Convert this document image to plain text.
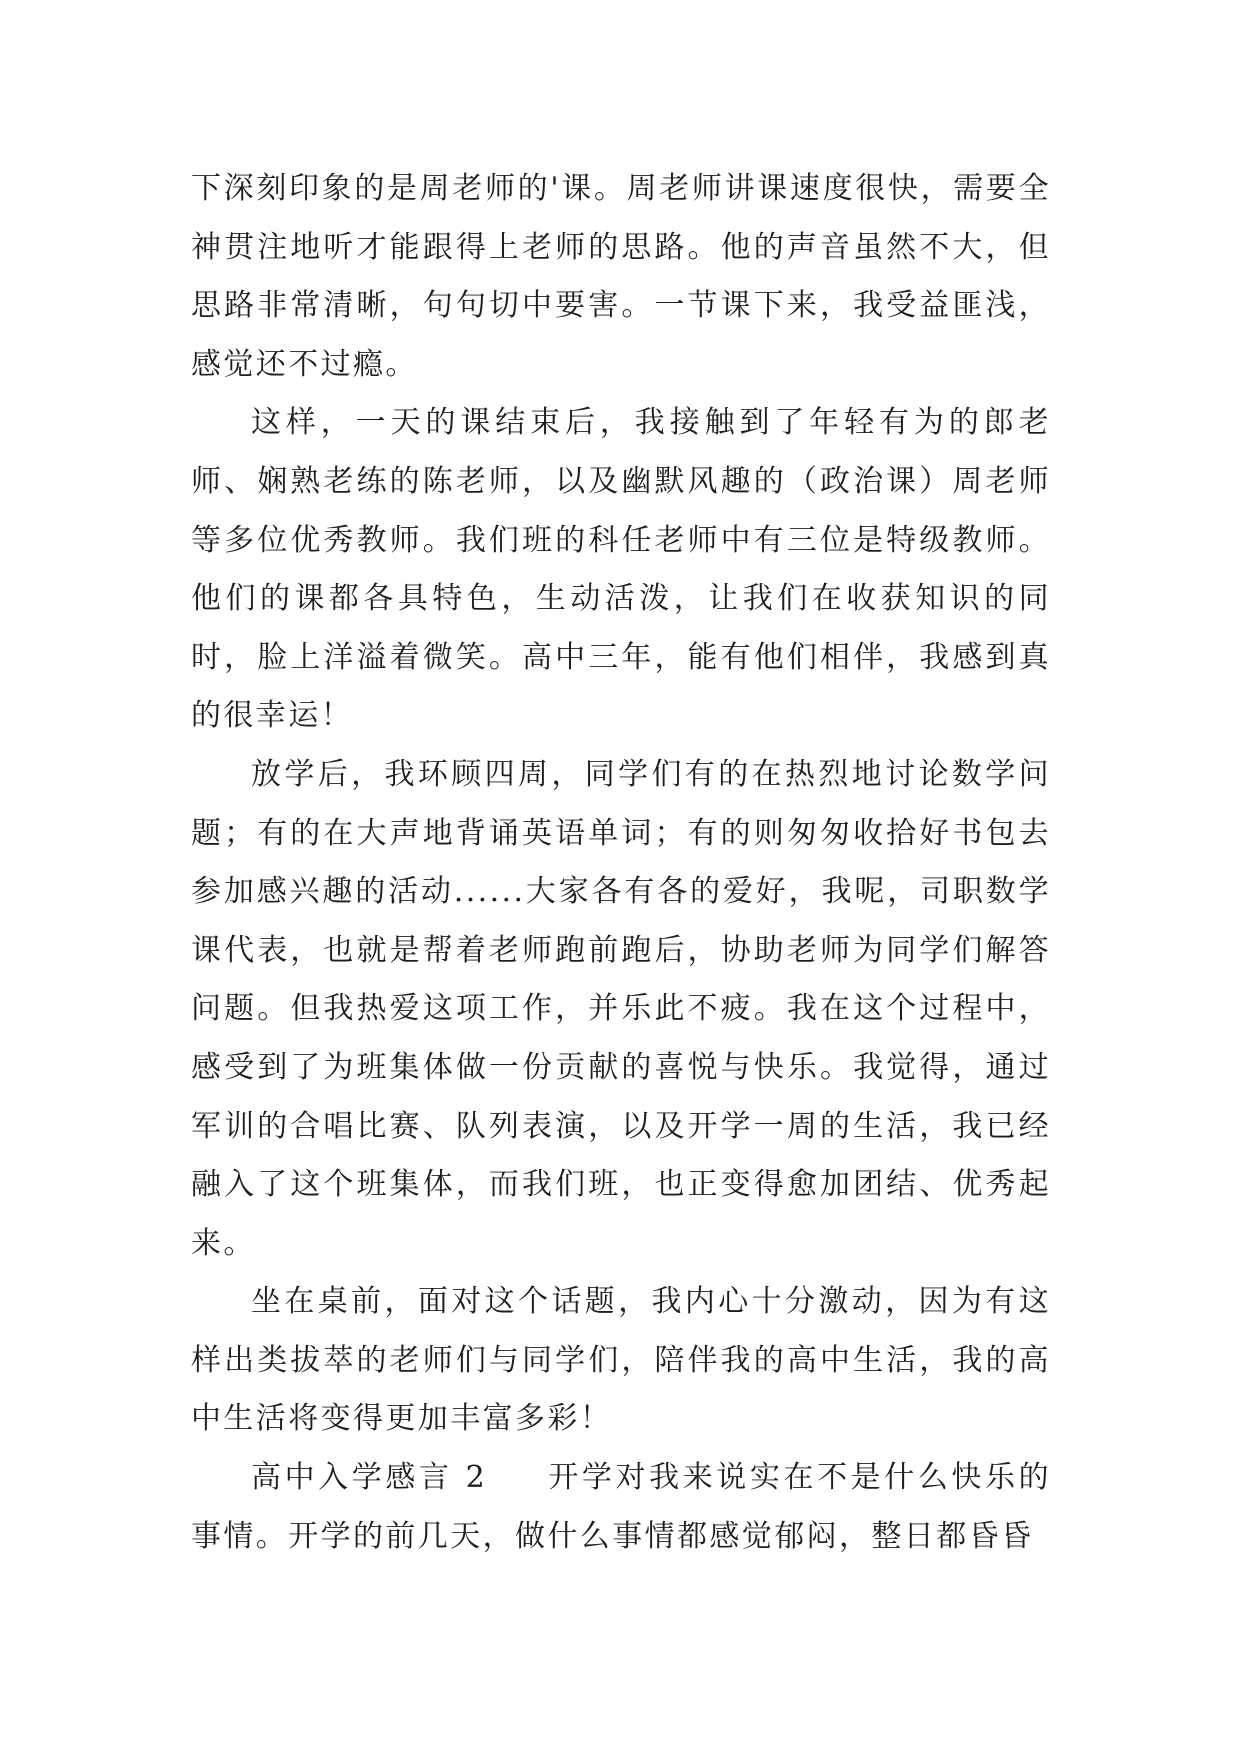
下深刻印象的是周老师的'课。周老师讲课速度很快，需要全神贯注地听才能跟得上老师的思路。他的声音虽然不大，但思路非常清晰，句句切中要害。一节课下来，我受益匪浅，感觉还不过瘾。

这样，一天的课结束后，我接触到了年轻有为的郎老师、娴熟老练的陈老师，以及幽默风趣的（政治课）周老师等多位优秀教师。我们班的科任老师中有三位是特级教师。他们的课都各具特色，生动活泼，让我们在收获知识的同时，脸上洋溢着微笑。高中三年，能有他们相伴，我感到真的很幸运！

放学后，我环顾四周，同学们有的在热烈地讨论数学问题；有的在大声地背诵英语单词；有的则匆匆收拾好书包去参加感兴趣的活动......大家各有各的爱好，我呢，司职数学课代表，也就是帮着老师跑前跑后，协助老师为同学们解答问题。但我热爱这项工作，并乐此不疲。我在这个过程中，感受到了为班集体做一份贡献的喜悦与快乐。我觉得，通过军训的合唱比赛、队列表演，以及开学一周的生活，我已经融入了这个班集体，而我们班，也正变得愈加团结、优秀起来。

坐在桌前，面对这个话题，我内心十分激动，因为有这样出类拔萃的老师们与同学们，陪伴我的高中生活，我的高中生活将变得更加丰富多彩！

高中入学感言 2 开学对我来说实在不是什么快乐的事情。开学的前几天，做什么事情都感觉郁闷，整日都昏昏
